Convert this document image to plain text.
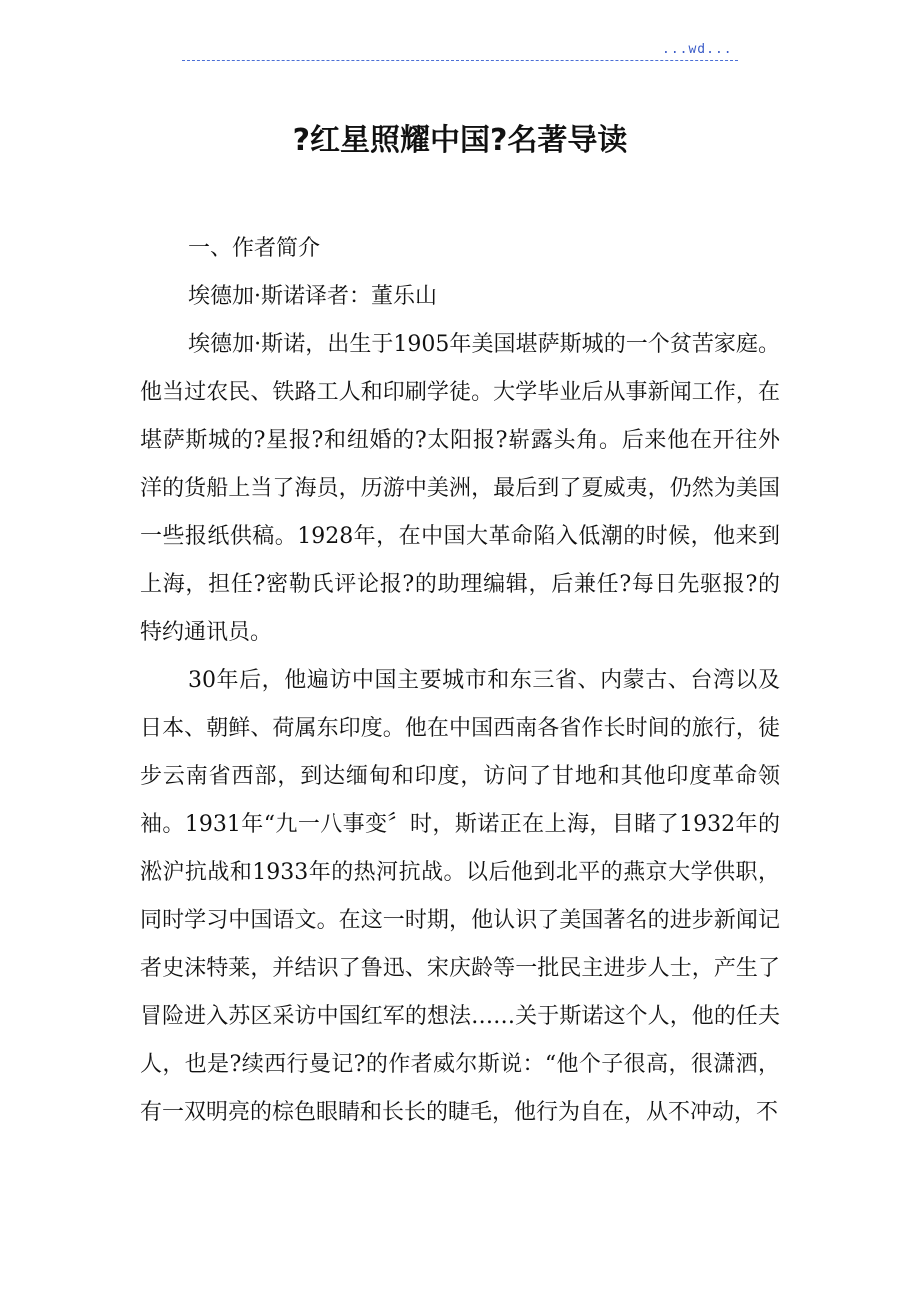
...wd...
?红星照耀中国?名著导读
一、作者简介
埃德加·斯诺译者：董乐山

埃德加·斯诺，出生于1905年美国堪萨斯城的一个贫苦家庭。他当过农民、铁路工人和印刷学徒。大学毕业后从事新闻工作，在堪萨斯城的?星报?和纽婚的?太阳报?崭露头角。后来他在开往外洋的货船上当了海员，历游中美洲，最后到了夏威夷，仍然为美国一些报纸供稿。1928年，在中国大革命陷入低潮的时候，他来到上海，担任?密勒氏评论报?的助理编辑，后兼任?每日先驱报?的特约通讯员。

30年后，他遍访中国主要城市和东三省、内蒙古、台湾以及日本、朝鲜、荷属东印度。他在中国西南各省作长时间的旅行，徒步云南省西部，到达缅甸和印度，访问了甘地和其他印度革命领袖。1931年“九一八事变〞时，斯诺正在上海，目睹了1932年的淞沪抗战和1933年的热河抗战。以后他到北平的燕京大学供职，同时学习中国语文。在这一时期，他认识了美国著名的进步新闻记者史沫特莱，并结识了鲁迅、宋庆龄等一批民主进步人士，产生了冒险进入苏区采访中国红军的想法……关于斯诺这个人，他的任夫人，也是?续西行曼记?的作者威尔斯说：“他个子很高，很潇洒，有一双明亮的棕色眼睛和长长的睫毛，他行为自在，从不冲动，不
